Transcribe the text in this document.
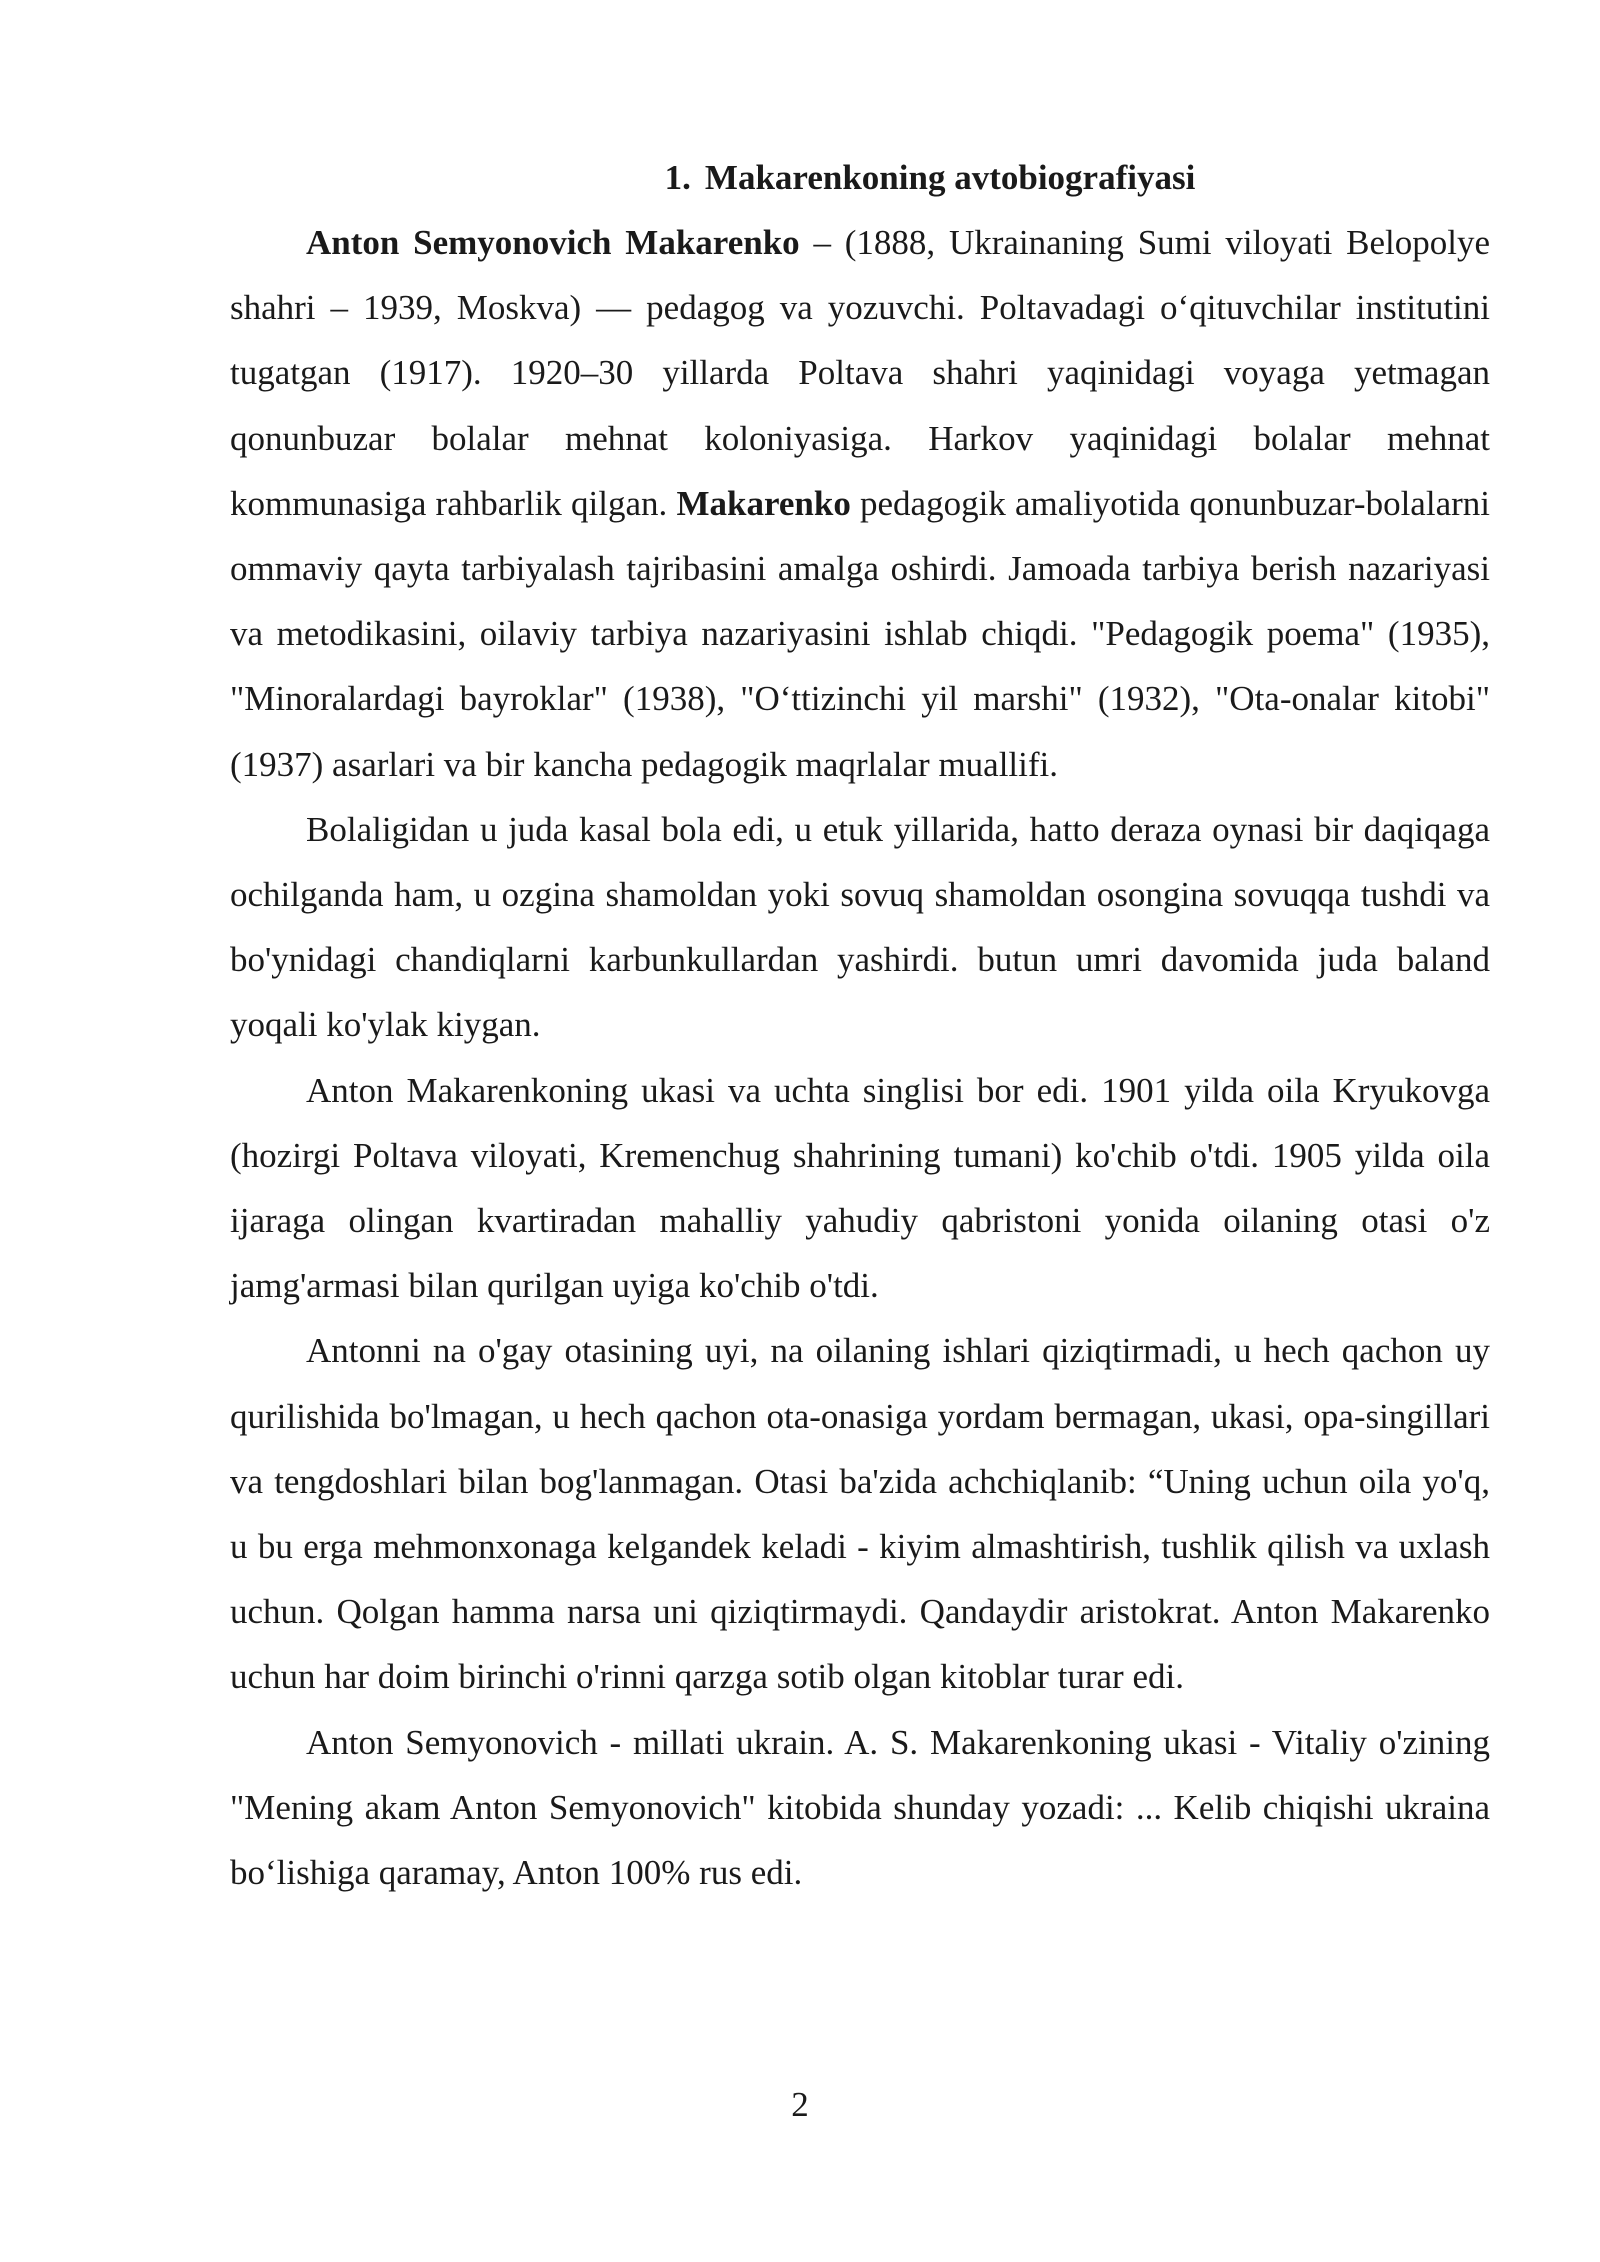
1. Makarenkoning avtobiografiyasi

Anton Semyonovich Makarenko – (1888, Ukrainaning Sumi viloyati Belopolye shahri – 1939, Moskva) — pedagog va yozuvchi. Poltavadagi o‘qituvchilar institutini tugatgan (1917). 1920–30 yillarda Poltava shahri yaqinidagi voyaga yetmagan qonunbuzar bolalar mehnat koloniyasiga. Harkov yaqinidagi bolalar mehnat kommunasiga rahbarlik qilgan. Makarenko pedagogik amaliyotida qonunbuzar-bolalarni ommaviy qayta tarbiyalash tajribasini amalga oshirdi. Jamoada tarbiya berish nazariyasi va metodikasini, oilaviy tarbiya nazariyasini ishlab chiqdi. "Pedagogik poema" (1935), "Minoralardagi bayroklar" (1938), "O‘ttizinchi yil marshi" (1932), "Ota-onalar kitobi" (1937) asarlari va bir kancha pedagogik maqrlalar muallifi.

Bolaligidan u juda kasal bola edi, u etuk yillarida, hatto deraza oynasi bir daqiqaga ochilganda ham, u ozgina shamoldan yoki sovuq shamoldan osongina sovuqqa tushdi va bo'ynidagi chandiqlarni karbunkullardan yashirdi. butun umri davomida juda baland yoqali ko'ylak kiygan.

Anton Makarenkoning ukasi va uchta singlisi bor edi. 1901 yilda oila Kryukovga (hozirgi Poltava viloyati, Kremenchug shahrining tumani) ko'chib o'tdi. 1905 yilda oila ijaraga olingan kvartiradan mahalliy yahudiy qabristoni yonida oilaning otasi o'z jamg'armasi bilan qurilgan uyiga ko'chib o'tdi.

Antonni na o'gay otasining uyi, na oilaning ishlari qiziqtirmadi, u hech qachon uy qurilishida bo'lmagan, u hech qachon ota-onasiga yordam bermagan, ukasi, opa-singillari va tengdoshlari bilan bog'lanmagan. Otasi ba'zida achchiqlanib: “Uning uchun oila yo'q, u bu erga mehmonxonaga kelgandek keladi - kiyim almashtirish, tushlik qilish va uxlash uchun. Qolgan hamma narsa uni qiziqtirmaydi. Qandaydir aristokrat. Anton Makarenko uchun har doim birinchi o'rinni qarzga sotib olgan kitoblar turar edi.

Anton Semyonovich - millati ukrain. A. S. Makarenkoning ukasi - Vitaliy o'zining "Mening akam Anton Semyonovich" kitobida shunday yozadi: ... Kelib chiqishi ukraina bo‘lishiga qaramay, Anton 100% rus edi.

2
